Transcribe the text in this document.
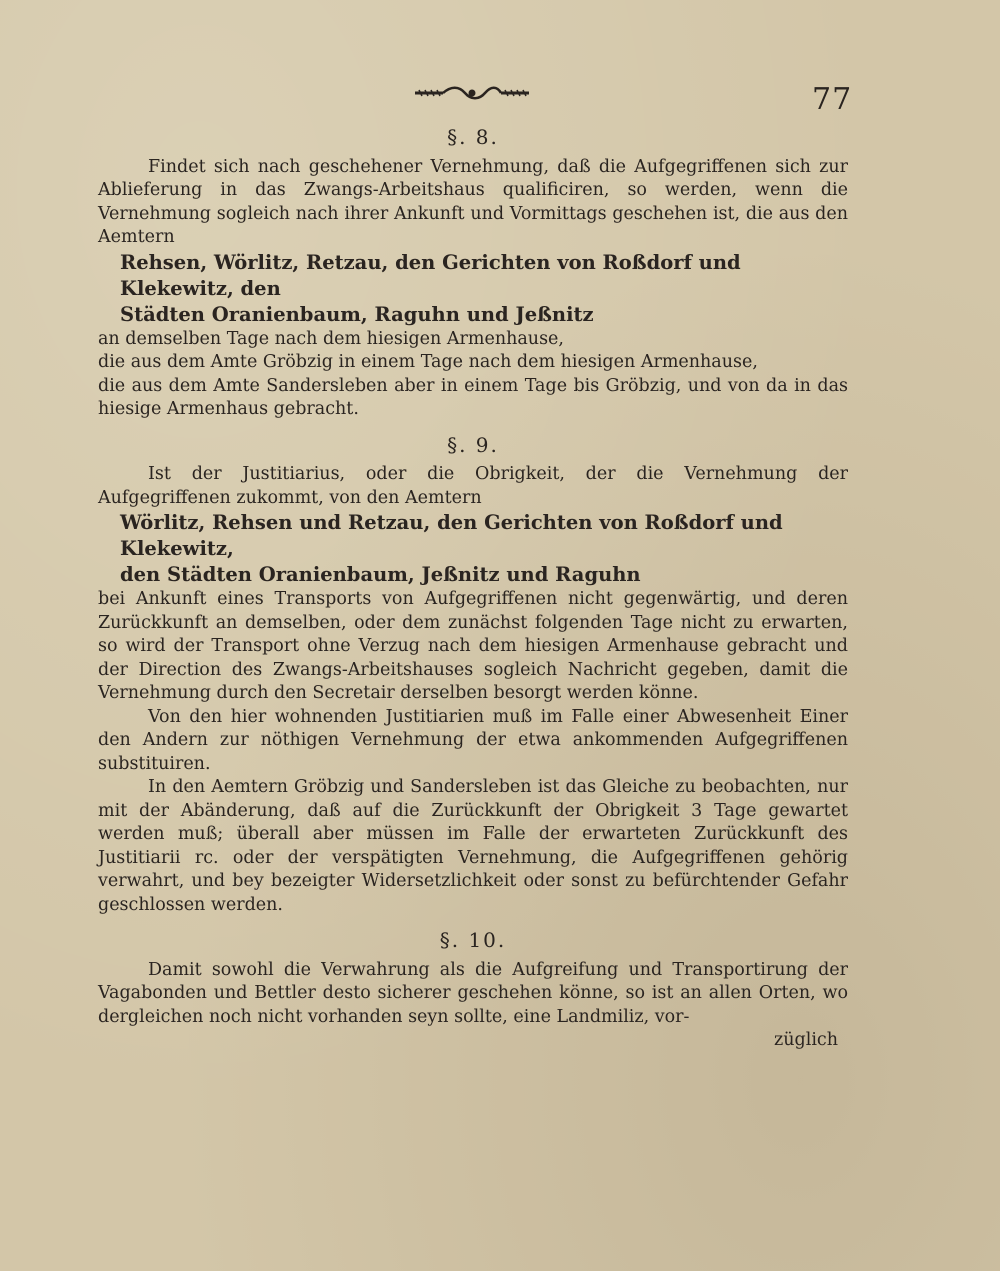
77
§. 8.

Findet sich nach geschehener Vernehmung, daß die Aufgegriffenen sich zur Ablieferung in das Zwangs-Arbeitshaus qualificiren, so werden, wenn die Vernehmung sogleich nach ihrer Ankunft und Vormittags geschehen ist, die aus den Aemtern

Rehsen, Wörlitz, Retzau, den Gerichten von Roßdorf und Klekewitz, den

Städten Oranienbaum, Raguhn und Jeßnitz

an demselben Tage nach dem hiesigen Armenhause,

die aus dem Amte Gröbzig in einem Tage nach dem hiesigen Armenhause,

die aus dem Amte Sandersleben aber in einem Tage bis Gröbzig, und von da in das hiesige Armenhaus gebracht.

§. 9.

Ist der Justitiarius, oder die Obrigkeit, der die Vernehmung der Aufgegriffenen zukommt, von den Aemtern

Wörlitz, Rehsen und Retzau, den Gerichten von Roßdorf und Klekewitz,

den Städten Oranienbaum, Jeßnitz und Raguhn

bei Ankunft eines Transports von Aufgegriffenen nicht gegenwärtig, und deren Zurückkunft an demselben, oder dem zunächst folgenden Tage nicht zu erwarten, so wird der Transport ohne Verzug nach dem hiesigen Armenhause gebracht und der Direction des Zwangs-Arbeitshauses sogleich Nachricht gegeben, damit die Vernehmung durch den Secretair derselben besorgt werden könne.

Von den hier wohnenden Justitiarien muß im Falle einer Abwesenheit Einer den Andern zur nöthigen Vernehmung der etwa ankommenden Aufgegriffenen substituiren.

In den Aemtern Gröbzig und Sandersleben ist das Gleiche zu beobachten, nur mit der Abänderung, daß auf die Zurückkunft der Obrigkeit 3 Tage gewartet werden muß; überall aber müssen im Falle der erwarteten Zurückkunft des Justitiarii rc. oder der verspätigten Vernehmung, die Aufgegriffenen gehörig verwahrt, und bey bezeigter Widersetzlichkeit oder sonst zu befürchtender Gefahr geschlossen werden.

§. 10.

Damit sowohl die Verwahrung als die Aufgreifung und Transportirung der Vagabonden und Bettler desto sicherer geschehen könne, so ist an allen Orten, wo dergleichen noch nicht vorhanden seyn sollte, eine Landmiliz, vor-

züglich
